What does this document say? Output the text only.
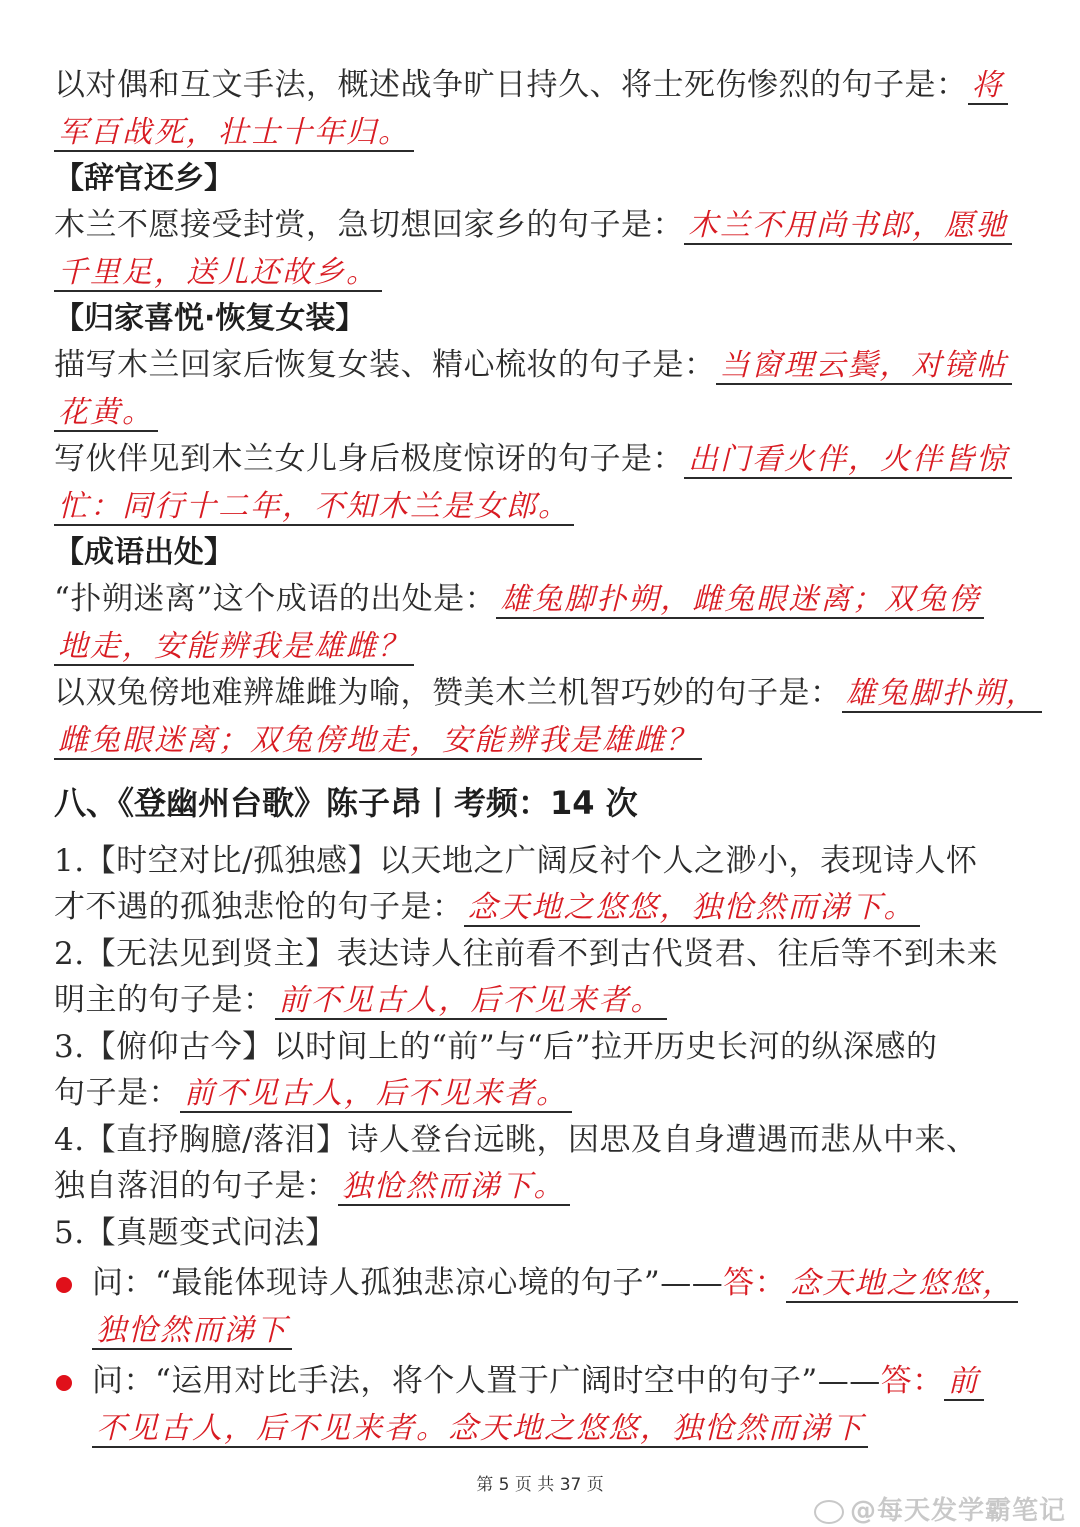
以对偶和互文手法，概述战争旷日持久、将士死伤惨烈的句子是： 将
军百战死，壮士十年归。
【辞官还乡】
木兰不愿接受封赏，急切想回家乡的句子是： 木兰不用尚书郎，愿驰
千里足，送儿还故乡。
【归家喜悦·恢复女装】
描写木兰回家后恢复女装、精心梳妆的句子是： 当窗理云鬓，对镜帖
花黄。
写伙伴见到木兰女儿身后极度惊讶的句子是： 出门看火伴，火伴皆惊
忙：同行十二年，不知木兰是女郎。
【成语出处】
“扑朔迷离”这个成语的出处是： 雄兔脚扑朔，雌兔眼迷离；双兔傍
地走，安能辨我是雄雌？
以双兔傍地难辨雄雌为喻，赞美木兰机智巧妙的句子是： 雄兔脚扑朔，
雌兔眼迷离；双兔傍地走，安能辨我是雄雌？
八、《登幽州台歌》陈子昂丨考频：14 次
1.【时空对比/孤独感】以天地之广阔反衬个人之渺小，表现诗人怀
才不遇的孤独悲怆的句子是： 念天地之悠悠，独怆然而涕下。
2.【无法见到贤主】表达诗人往前看不到古代贤君、往后等不到未来
明主的句子是： 前不见古人，后不见来者。
3.【俯仰古今】以时间上的“前”与“后”拉开历史长河的纵深感的
句子是： 前不见古人，后不见来者。
4.【直抒胸臆/落泪】诗人登台远眺，因思及自身遭遇而悲从中来、
独自落泪的句子是： 独怆然而涕下。
5.【真题变式问法】
问：“最能体现诗人孤独悲凉心境的句子”——答： 念天地之悠悠，
独怆然而涕下
问：“运用对比手法，将个人置于广阔时空中的句子”——答： 前
不见古人，后不见来者。念天地之悠悠，独怆然而涕下
第 5 页 共 37 页
@每天发学霸笔记
